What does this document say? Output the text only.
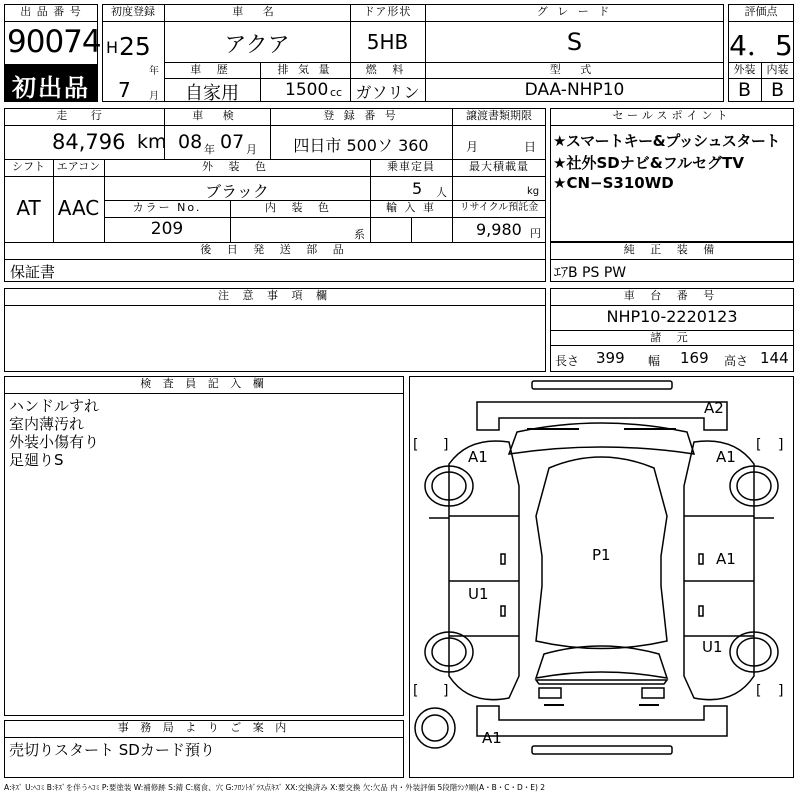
出 品 番 号
90074
初出品
初度登録
H 25
年
7 月
車 名
アクア
ドア形状
5HB
グ レ ー ド
S
車 歴
自家用
排 気 量
1500 cc
燃 料
ガソリン
型 式
DAA-NHP10
評価点
4．5
外装	内装
B	B
走 行
84,796 km
車 検
08 年 07 月
登 録 番 号
四日市 500ソ 360
譲渡書類期限
月	日
シフト
AT
エアコン
AAC
外 装 色
ブラック
乗車定員
5 人
最大積載量
kg
カラー No.
209
内 装 色
系
輸 入 車	リサイクル預託金
9,980 円
後 日 発 送 部 品
保証書
セールスポイント
★スマートキー&プッシュスタート
★社外SDナビ&フルセグTV
★CN−S310WD
純 正 装 備
ｴｱB PS PW
注 意 事 項 欄	車 台 番 号
NHP10-2220123
諸 元
長さ 399 幅 169 高さ 144
検 査 員 記 入 欄
ハンドルすれ
室内薄汚れ
外装小傷有り
足廻りS
事 務 局 よ り ご 案 内
売切りスタート SDカード預り
[ ]	[ ]
[ ]	[ ]
A2
A1	A1
P1	A1
U1
U1
A1
A:ｷｽﾞ U:ﾍｺﾐ B:ｷｽﾞを伴うﾍｺﾐ P:要塗装 W:補修跡 S:錆 C:腐食、穴 G:ﾌﾛﾝﾄｶﾞﾗｽ点ｷｽﾞ XX:交換済み X:要交換 欠:欠品 内・外装評価 5段階ﾗﾝｸ順(A・B・C・D・E) 2
